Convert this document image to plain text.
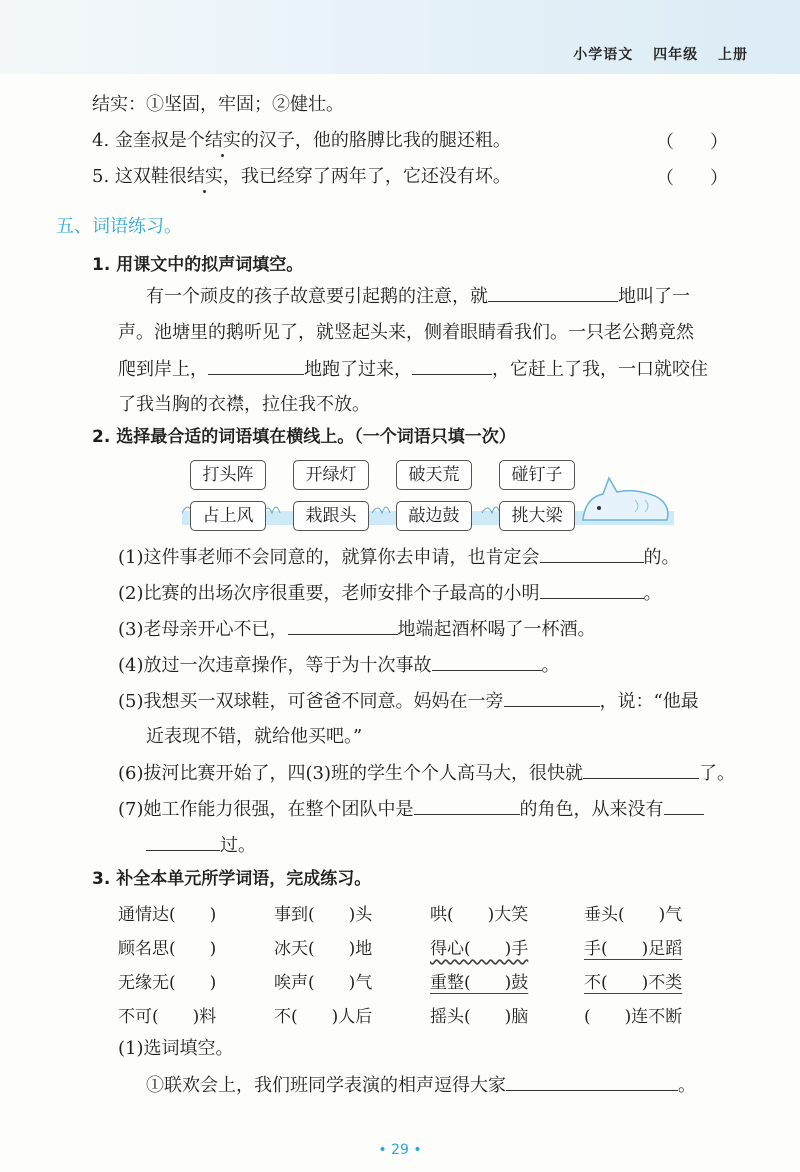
小学语文 四年级 上册
结实：①坚固，牢固；②健壮。
4. 金奎叔是个结实的汉子，他的胳膊比我的腿还粗。	（　　）
5. 这双鞋很结实，我已经穿了两年了，它还没有坏。	（　　）
五、词语练习。
1. 用课文中的拟声词填空。
有一个顽皮的孩子故意要引起鹅的注意，就	地叫了一
声。池塘里的鹅听见了，就竖起头来，侧着眼睛看我们。一只老公鹅竟然
爬到岸上，	地跑了过来，	，它赶上了我，一口就咬住
了我当胸的衣襟，拉住我不放。
2. 选择最合适的词语填在横线上。（一个词语只填一次）
打头阵	开绿灯	破天荒	碰钉子
占上风	栽跟头	敲边鼓	挑大梁
(1)这件事老师不会同意的，就算你去申请，也肯定会	的。
(2)比赛的出场次序很重要，老师安排个子最高的小明	。
(3)老母亲开心不已，	地端起酒杯喝了一杯酒。
(4)放过一次违章操作，等于为十次事故	。
(5)我想买一双球鞋，可爸爸不同意。妈妈在一旁	，说：“他最
近表现不错，就给他买吧。”
(6)拔河比赛开始了，四(3)班的学生个个人高马大，很快就	了。
(7)她工作能力很强，在整个团队中是	的角色，从来没有
过。
3. 补全本单元所学词语，完成练习。
通情达(　　)	事到(　　)头	哄(　　)大笑	垂头(　　)气
顾名思(　　)	冰天(　　)地	得心(　　)手	手(　　)足蹈
无缘无(　　)	唉声(　　)气	重整(　　)鼓	不(　　)不类
不可(　　)料	不(　　)人后	摇头(　　)脑	(　　)连不断
(1)选词填空。
①联欢会上，我们班同学表演的相声逗得大家	。
• 29 •
